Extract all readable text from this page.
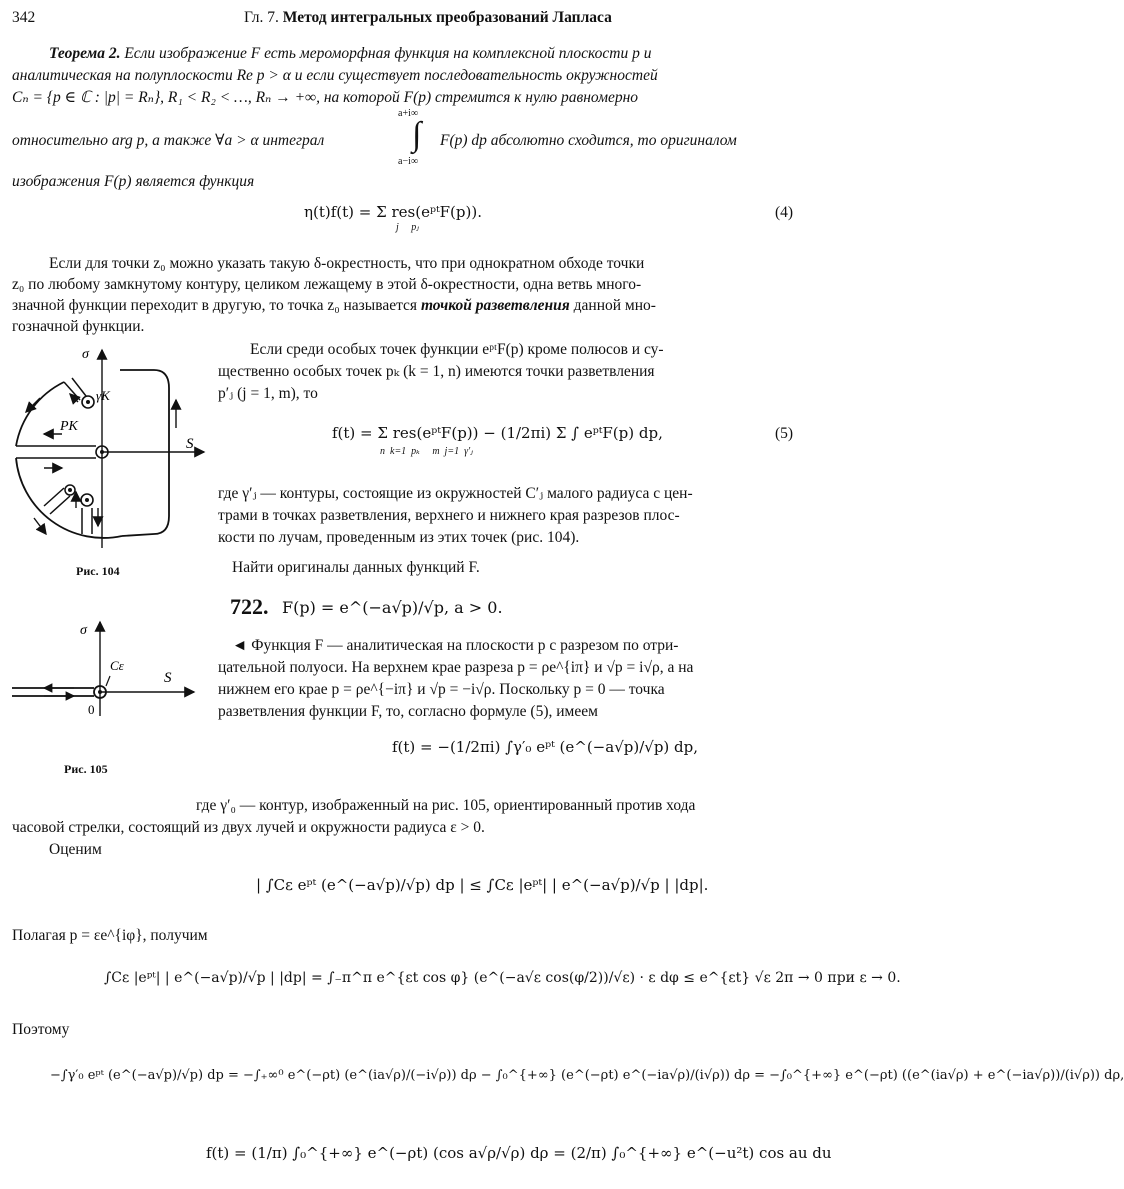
342	Гл. 7. Метод интегральных преобразований Лапласа
Теорема 2. Если изображение F есть мероморфная функция на комплексной плоскости p и
аналитическая на полуплоскости Re p > α и если существует последовательность окружностей
Cₙ = {p ∈ ℂ : |p| = Rₙ}, R₁ < R₂ < …, Rₙ → +∞, на которой F(p) стремится к нулю равномерно
относительно arg p, а также ∀a > α интеграл
a+i∞
∫
a−i∞
F(p) dp абсолютно сходится, то оригиналом
изображения F(p) является функция
η(t)f(t) = Σ res(eᵖᵗF(p)).
j     pⱼ
(4)
Если для точки z₀ можно указать такую δ-окрестность, что при однократном обходе точки
z₀ по любому замкнутому контуру, целиком лежащему в этой δ-окрестности, одна ветвь много-
значной функции переходит в другую, то точка z₀ называется точкой разветвления данной мно-
гозначной функции.
σ
S
γK
PK
Рис. 104
Если среди особых точек функции eᵖᵗF(p) кроме полюсов и су-
щественно особых точек pₖ (k = 1, n) имеются точки разветвления
p′ⱼ (j = 1, m), то
f(t) = Σ res(eᵖᵗF(p)) − (1/2πi) Σ ∫ eᵖᵗF(p) dp,
n  k=1  pₖ     m  j=1  γ′ⱼ
(5)
где γ′ⱼ — контуры, состоящие из окружностей C′ⱼ малого радиуса с цен-
трами в точках разветвления, верхнего и нижнего края разрезов плос-
кости по лучам, проведенным из этих точек (рис. 104).
Найти оригиналы данных функций F.
722. F(p) = e^(−a√p)/√p, a > 0.
σ
S
Cε
0
Рис. 105
◄ Функция F — аналитическая на плоскости p с разрезом по отри-
цательной полуоси. На верхнем крае разреза p = ρe^{iπ} и √p = i√ρ, а на
нижнем его крае p = ρe^{−iπ} и √p = −i√ρ. Поскольку p = 0 — точка
разветвления функции F, то, согласно формуле (5), имеем
f(t) = −(1/2πi) ∫γ′₀ eᵖᵗ (e^(−a√p)/√p) dp,
где γ′₀ — контур, изображенный на рис. 105, ориентированный против хода
часовой стрелки, состоящий из двух лучей и окружности радиуса ε > 0.
Оценим
| ∫Cε eᵖᵗ (e^(−a√p)/√p) dp | ≤ ∫Cε |eᵖᵗ| | e^(−a√p)/√p | |dp|.
Полагая p = εe^{iφ}, получим
∫Cε |eᵖᵗ| | e^(−a√p)/√p | |dp| = ∫₋π^π e^{εt cos φ} (e^(−a√ε cos(φ/2))/√ε) · ε dφ ≤ e^{εt} √ε 2π → 0 при ε → 0.
Поэтому
−∫γ′₀ eᵖᵗ (e^(−a√p)/√p) dp = −∫₊∞⁰ e^(−ρt) (e^(ia√ρ)/(−i√ρ)) dρ − ∫₀^{+∞} (e^(−ρt) e^(−ia√ρ)/(i√ρ)) dρ = −∫₀^{+∞} e^(−ρt) ((e^(ia√ρ) + e^(−ia√ρ))/(i√ρ)) dρ,
f(t) = (1/π) ∫₀^{+∞} e^(−ρt) (cos a√ρ/√ρ) dρ = (2/π) ∫₀^{+∞} e^(−u²t) cos au du
